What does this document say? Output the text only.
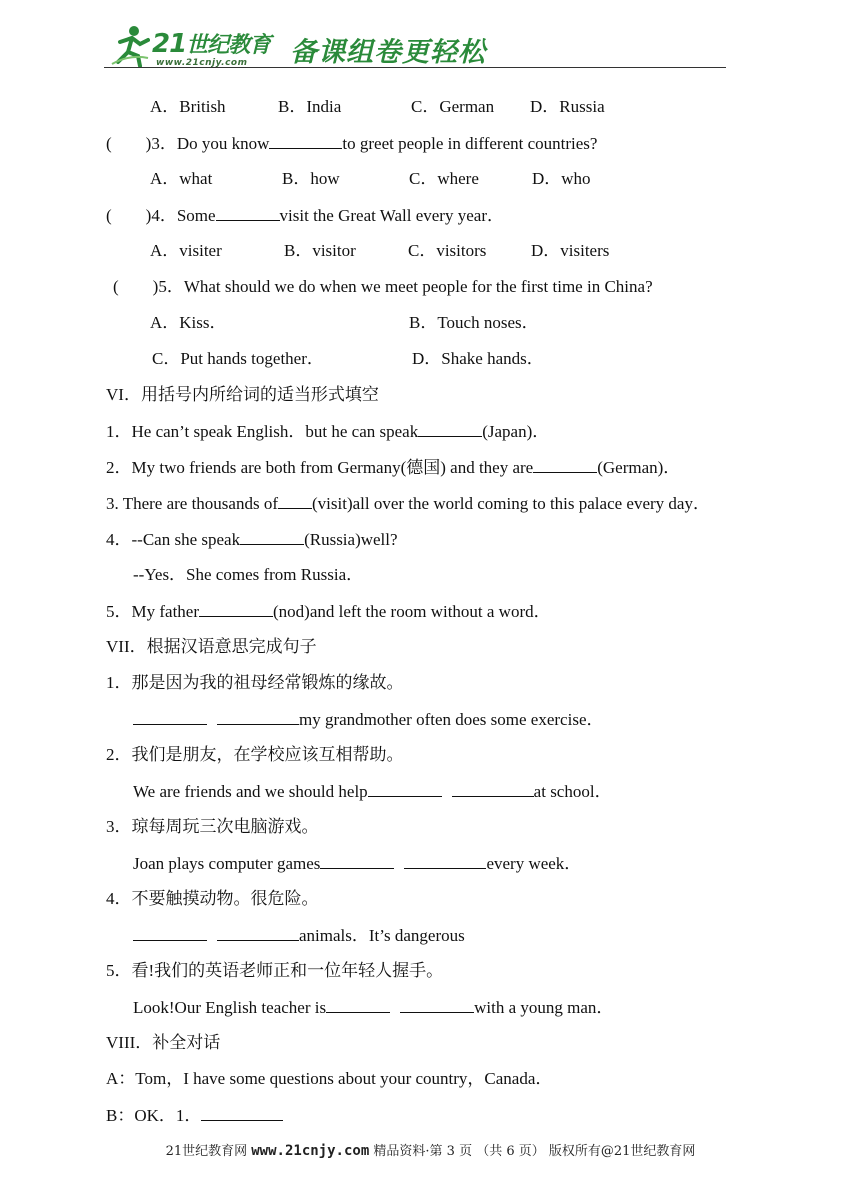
21世纪教育
www.21cnjy.com 备课组卷更轻松
A．British	B．India	C．German D．Russia
(　　)3．Do you know	to greet people in different countries?
A．what	B．how	C．where	D．who
(　　)4．Some	visit the Great Wall every year．
A．visiter	B．visitor	C．visitors	D．visiters
(　　)5．What should we do when we meet people for the first time in China?
A．Kiss．	B．Touch noses．
C．Put hands together．	D．Shake hands．
VI．用括号内所给词的适当形式填空
1．He can’t speak English．but he can speak	(Japan)．
2．My two friends are both from Germany(德国) and they are	(German)．
3. There are thousands of (visit)all over the world coming to this palace every day．
4．--Can she speak	(Russia)well?
--Yes．She comes from Russia．
5．My father	(nod)and left the room without a word．
VII．根据汉语意思完成句子
1．那是因为我的祖母经常锻炼的缘故。
my grandmother often does some exercise．
2．我们是朋友，在学校应该互相帮助。
We are friends and we should help	at school．
3．琼每周玩三次电脑游戏。
Joan plays computer games	every week．
4．不要触摸动物。很危险。
animals．It’s dangerous
5．看!我们的英语老师正和一位年轻人握手。
Look!Our English teacher is	with a young man．
VIII．补全对话
A：Tom，I have some questions about your country，Canada．
B：OK．1．
21世纪教育网 www.21cnjy.com 精品资料·第 3 页 （共 6 页） 版权所有@21世纪教育网
